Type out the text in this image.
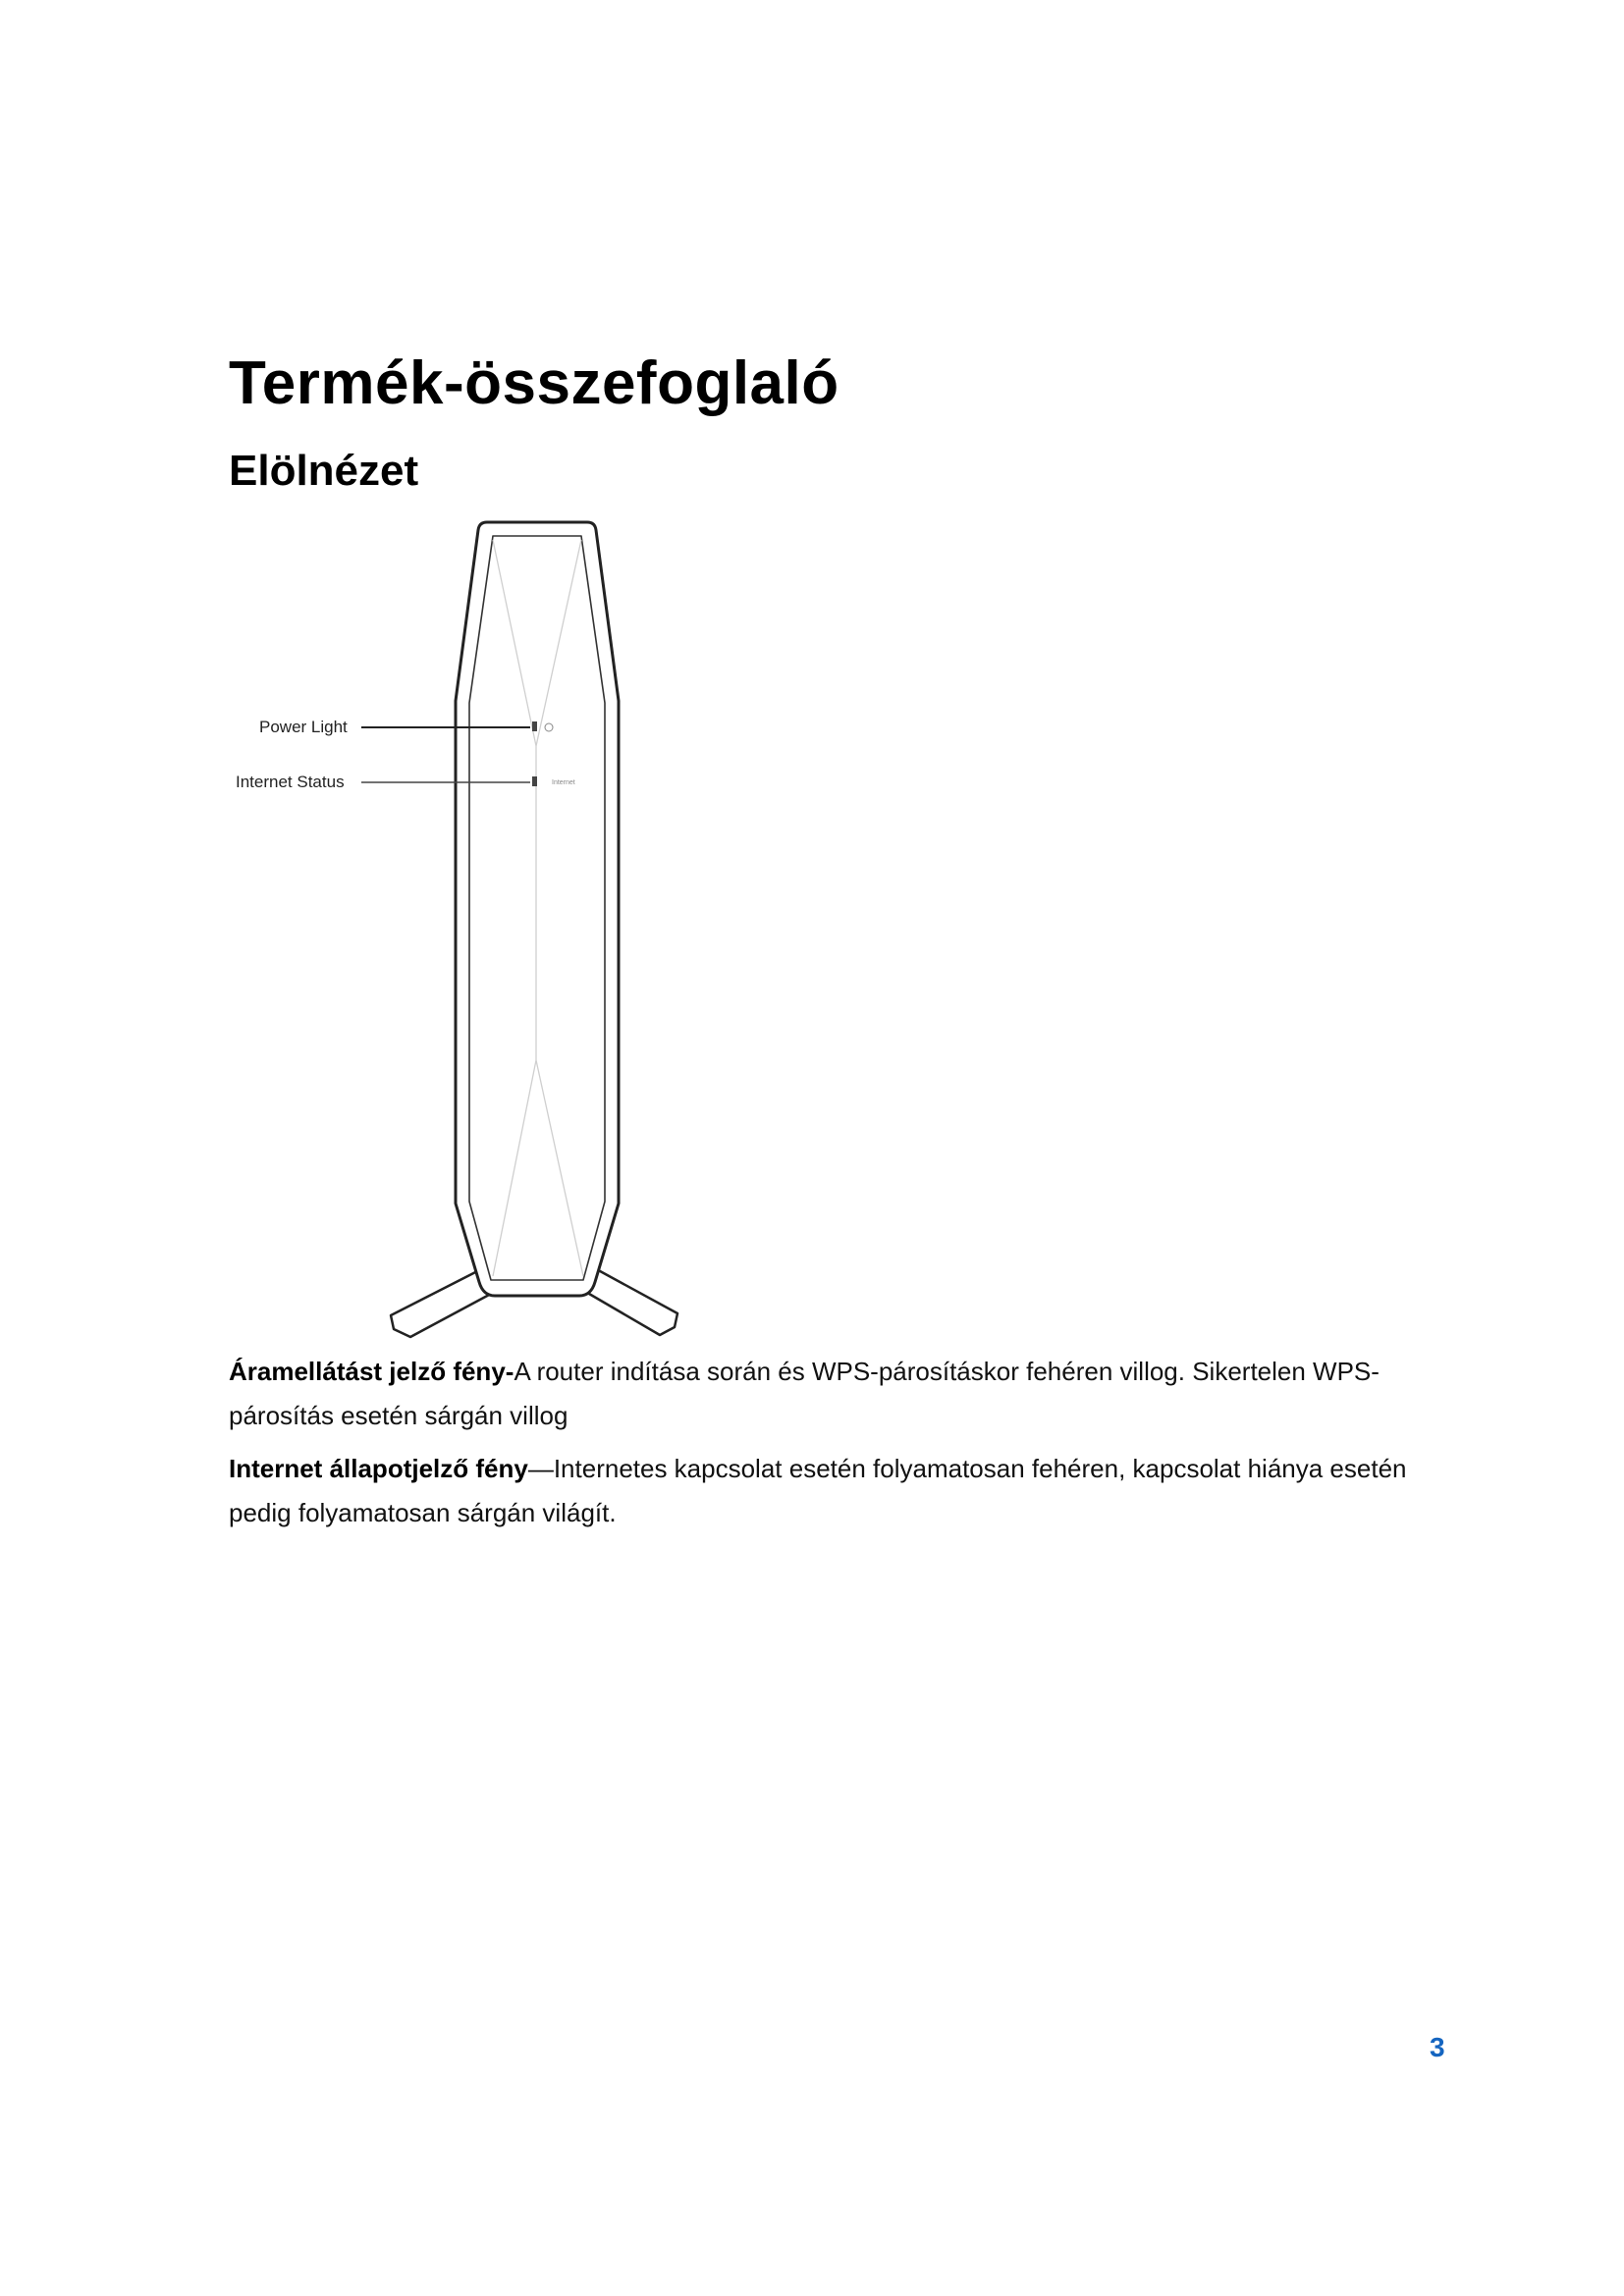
Termék-összefoglaló
Elölnézet
Power Light
Internet Status	Internet

Áramellátást jelző fény-A router indítása során és WPS-párosításkor fehéren villog. Sikertelen WPS-párosítás esetén sárgán villog

Internet állapotjelző fény—Internetes kapcsolat esetén folyamatosan fehéren, kapcsolat hiánya esetén pedig folyamatosan sárgán világít.

3
